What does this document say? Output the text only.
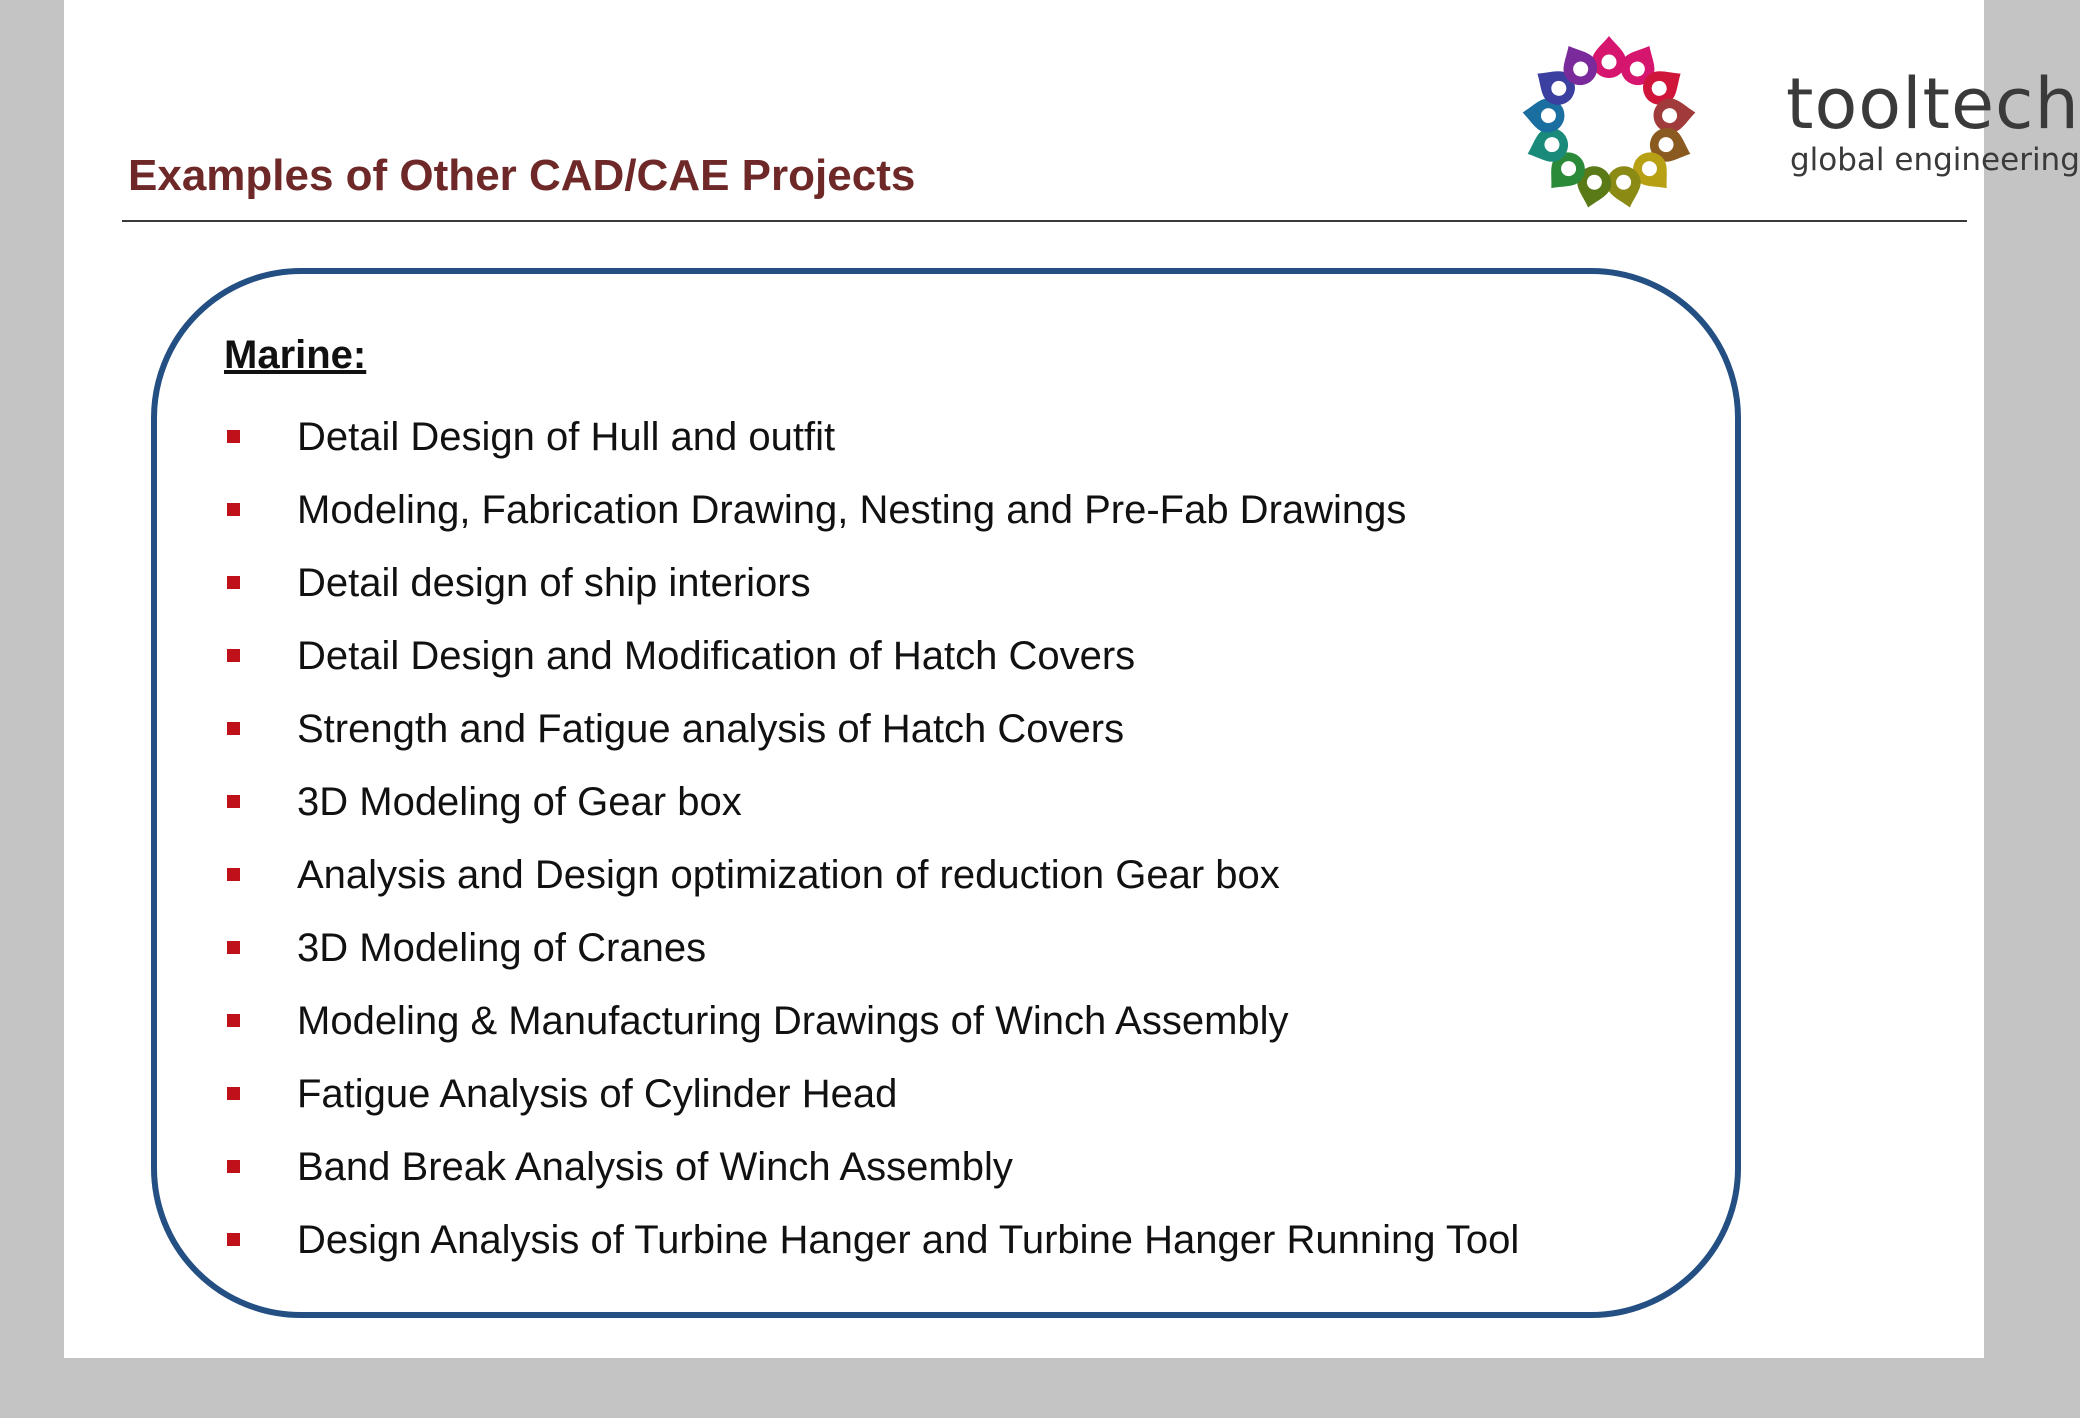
Examples of Other CAD/CAE Projects
tooltech
global engineering
Marine:
Detail Design of Hull and outfit
Modeling, Fabrication Drawing, Nesting and Pre-Fab Drawings
Detail design of ship interiors
Detail Design and Modification of Hatch Covers
Strength and Fatigue analysis of Hatch Covers
3D Modeling of Gear box
Analysis and Design optimization of reduction Gear box
3D Modeling of Cranes
Modeling & Manufacturing Drawings of Winch Assembly
Fatigue Analysis of Cylinder Head
Band Break Analysis of Winch Assembly
Design Analysis of Turbine Hanger and Turbine Hanger Running Tool
